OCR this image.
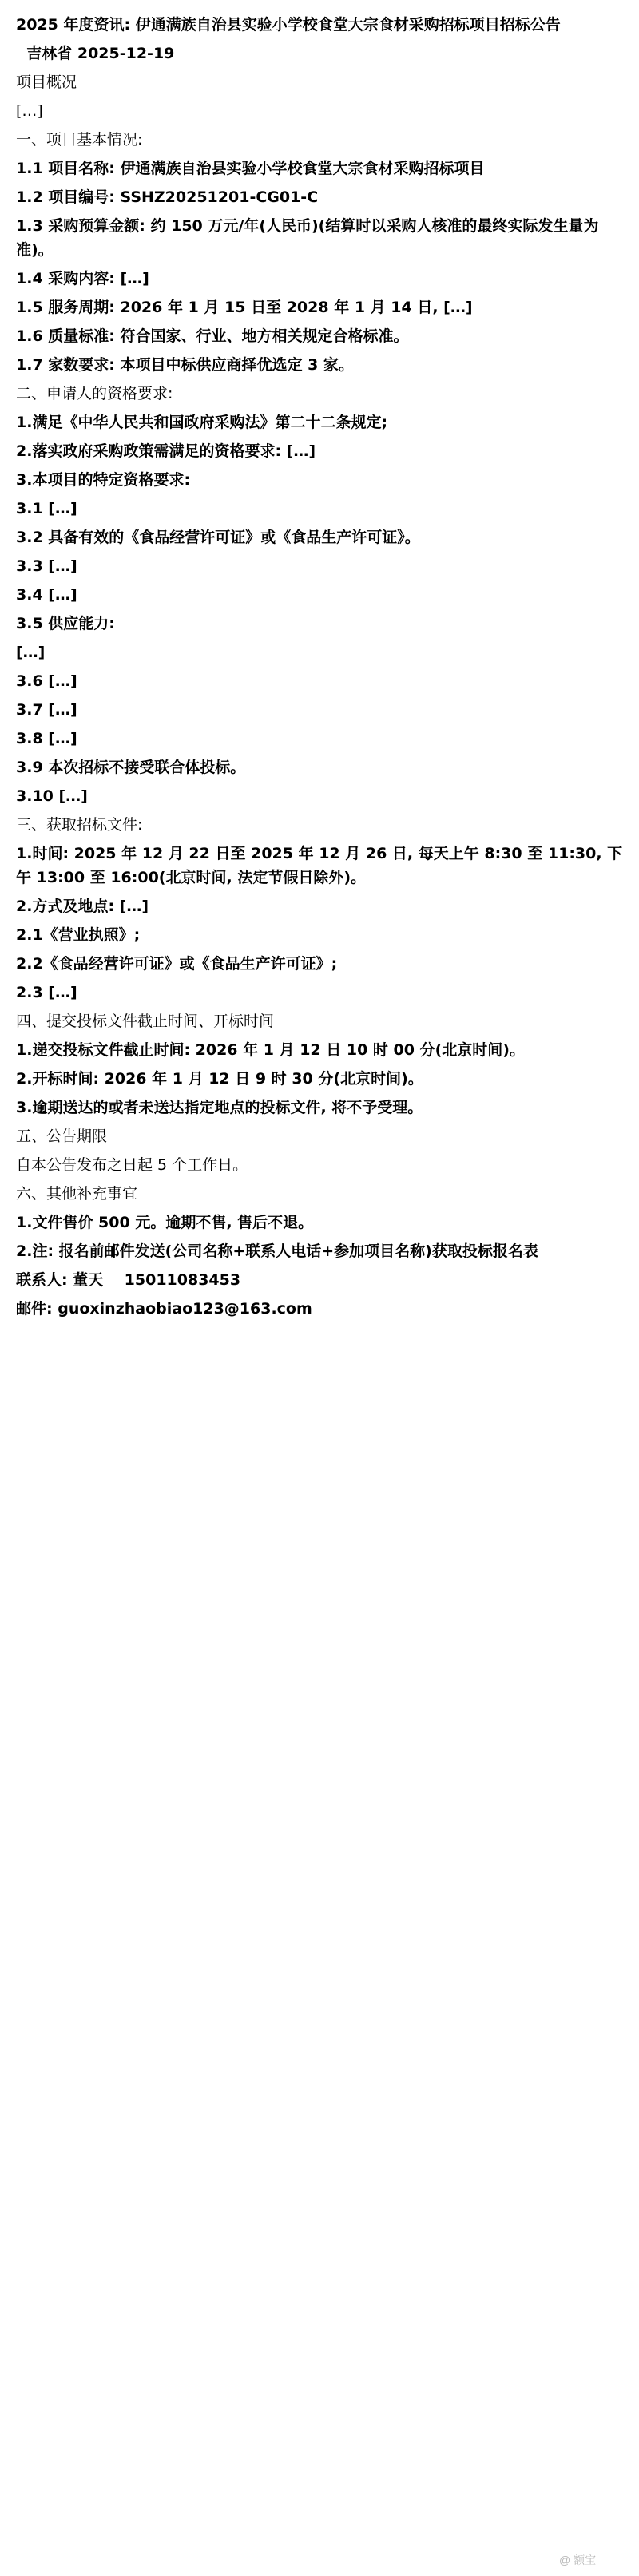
2025 年度资讯: 伊通满族自治县实验小学校食堂大宗食材采购招标项目招标公告

吉林省 2025-12-19

项目概况

[…]

一、项目基本情况:

1.1 项目名称: 伊通满族自治县实验小学校食堂大宗食材采购招标项目

1.2 项目编号: SSHZ20251201-CG01-C

1.3 采购预算金额: 约 150 万元/年(人民币)(结算时以采购人核准的最终实际发生量为准)。

1.4 采购内容: […]

1.5 服务周期: 2026 年 1 月 15 日至 2028 年 1 月 14 日, […]

1.6 质量标准: 符合国家、行业、地方相关规定合格标准。

1.7 家数要求: 本项目中标供应商择优选定 3 家。

二、申请人的资格要求:

1.满足《中华人民共和国政府采购法》第二十二条规定;

2.落实政府采购政策需满足的资格要求: […]

3.本项目的特定资格要求:

3.1 […]

3.2 具备有效的《食品经营许可证》或《食品生产许可证》。

3.3 […]

3.4 […]

3.5 供应能力:

[…]

3.6 […]

3.7 […]

3.8 […]

3.9 本次招标不接受联合体投标。

3.10 […]

三、获取招标文件:

1.时间: 2025 年 12 月 22 日至 2025 年 12 月 26 日, 每天上午 8:30 至 11:30, 下午 13:00 至 16:00(北京时间, 法定节假日除外)。

2.方式及地点: […]

2.1《营业执照》;

2.2《食品经营许可证》或《食品生产许可证》;

2.3 […]

四、提交投标文件截止时间、开标时间

1.递交投标文件截止时间: 2026 年 1 月 12 日 10 时 00 分(北京时间)。

2.开标时间: 2026 年 1 月 12 日 9 时 30 分(北京时间)。

3.逾期送达的或者未送达指定地点的投标文件, 将不予受理。

五、公告期限

自本公告发布之日起 5 个工作日。

六、其他补充事宜

1.文件售价 500 元。逾期不售, 售后不退。

2.注: 报名前邮件发送(公司名称+联系人电话+参加项目名称)获取投标报名表

联系人: 董天    15011083453

邮件: guoxinzhaobiao123@163.com

@ 额宝
